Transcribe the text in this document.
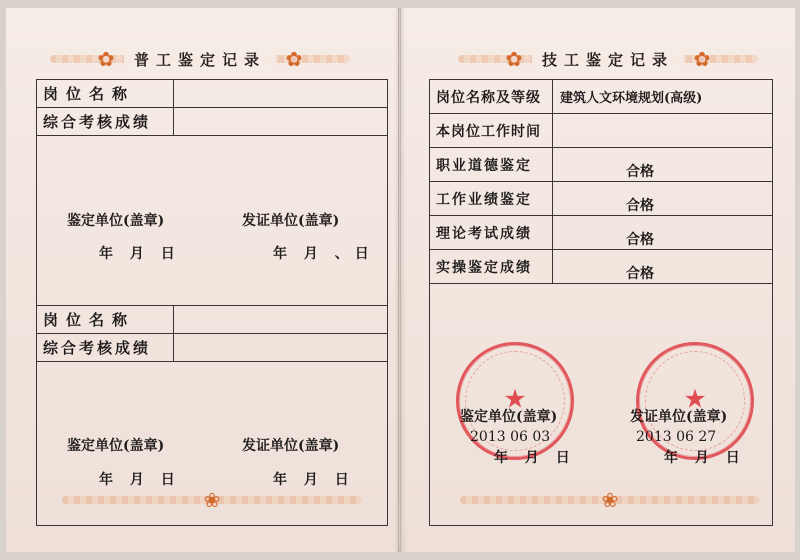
✿	普工鉴定记录 ✿
岗位名称
综合考核成绩
鉴定单位(盖章)	发证单位(盖章)
年 月 日	年 月 、日
岗位名称
综合考核成绩
鉴定单位(盖章)	发证单位(盖章)
年 月 日	年 月 日
❀
✿	技工鉴定记录 ✿
岗位名称及等级	建筑人文环境规划(高级)
本岗位工作时间
职业道德鉴定	合格
工作业绩鉴定	合格
理论考试成绩	合格
实操鉴定成绩	合格
★	★
鉴定单位(盖章)	发证单位(盖章)
2013 06 03	2013 06 27
年 月 日	年 月 日
❀
